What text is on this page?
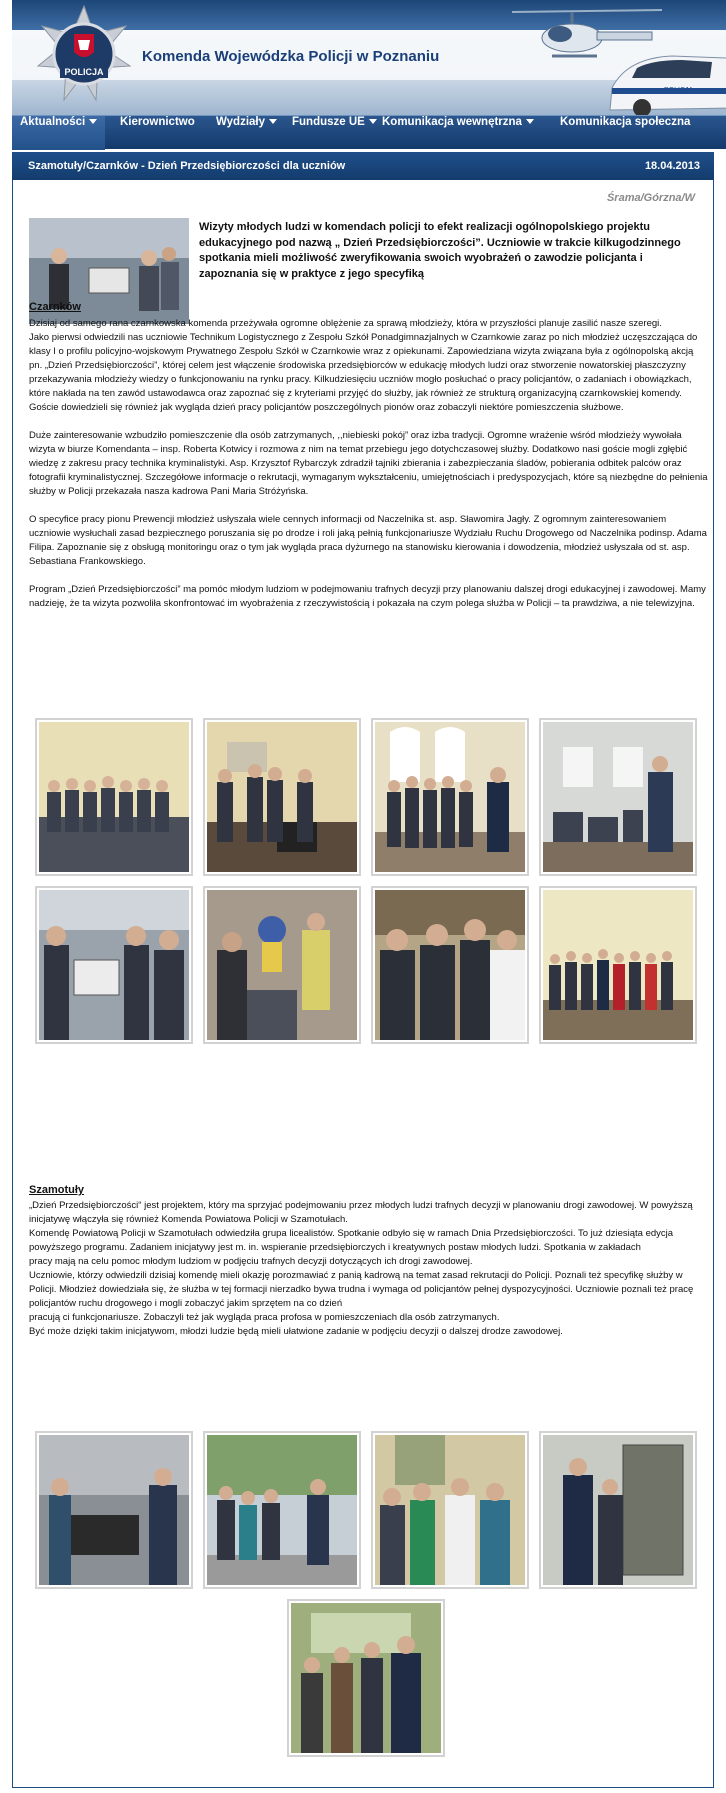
POLICJA
POLICJA
Komenda Wojewódzka Policji w Poznaniu
Aktualności	Kierownictwo	Wydziały	Fundusze UE	Komunikacja wewnętrzna	Komunikacja społeczna
Szamotuły/Czarnków - Dzień Przedsiębiorczości dla uczniów	18.04.2013
Śrama/Górzna/W
Wizyty młodych ludzi w komendach policji to efekt realizacji ogólnopolskiego projektu edukacyjnego pod nazwą „ Dzień Przedsiębiorczości”. Uczniowie w trakcie kilkugodzinnego spotkania mieli możliwość zweryfikowania swoich wyobrażeń o zawodzie policjanta i zapoznania się w praktyce z jego specyfiką
Czarnków

Dzisiaj od samego rana czarnkowska komenda przeżywała ogromne oblężenie za sprawą młodzieży, która w przyszłości planuje zasilić nasze szeregi.

Jako pierwsi odwiedzili nas uczniowie Technikum Logistycznego z Zespołu Szkół Ponadgimnazjalnych w Czarnkowie zaraz po nich młodzież uczęszczająca do klasy I o profilu policyjno-wojskowym Prywatnego Zespołu Szkół w Czarnkowie wraz z opiekunami. Zapowiedziana wizyta związana była z ogólnopolską akcją pn. „Dzień Przedsiębiorczości”, której celem jest włączenie środowiska przedsiębiorców w edukację młodych ludzi oraz stworzenie nowatorskiej płaszczyzny przekazywania młodzieży wiedzy o funkcjonowaniu na rynku pracy. Kilkudziesięciu uczniów mogło posłuchać o pracy policjantów, o zadaniach i obowiązkach, które nakłada na ten zawód ustawodawca oraz zapoznać się z kryteriami przyjęć do służby, jak również ze strukturą organizacyjną czarnkowskiej komendy. Goście dowiedzieli się również jak wygląda dzień pracy policjantów poszczególnych pionów oraz zobaczyli niektóre pomieszczenia służbowe.

Duże zainteresowanie wzbudziło pomieszczenie dla osób zatrzymanych, ,,niebieski pokój” oraz izba tradycji. Ogromne wrażenie wśród młodzieży wywołała wizyta w biurze Komendanta – insp. Roberta Kotwicy i rozmowa z nim na temat przebiegu jego dotychczasowej służby. Dodatkowo nasi goście mogli zgłębić wiedzę z zakresu pracy technika kryminalistyki. Asp. Krzysztof Rybarczyk zdradził tajniki zbierania i zabezpieczania śladów, pobierania odbitek palców oraz fotografii kryminalistycznej. Szczegółowe informacje o rekrutacji, wymaganym wykształceniu, umiejętnościach i predyspozycjach, które są niezbędne do pełnienia służby w Policji przekazała nasza kadrowa Pani Maria Stróżyńska.

O specyfice pracy pionu Prewencji młodzież usłyszała wiele cennych informacji od Naczelnika st. asp. Sławomira Jagły. Z ogromnym zainteresowaniem uczniowie wysłuchali zasad bezpiecznego poruszania się po drodze i roli jaką pełnią funkcjonariusze Wydziału Ruchu Drogowego od Naczelnika podinsp. Adama Filipa. Zapoznanie się z obsługą monitoringu oraz o tym jak wygląda praca dyżurnego na stanowisku kierowania i dowodzenia, młodzież usłyszała od st. asp. Sebastiana Frankowskiego.

Program „Dzień Przedsiębiorczości” ma pomóc młodym ludziom w podejmowaniu trafnych decyzji przy planowaniu dalszej drogi edukacyjnej i zawodowej. Mamy nadzieję, że ta wizyta pozwoliła skonfrontować im wyobrażenia z rzeczywistością i pokazała na czym polega służba w Policji – ta prawdziwa, a nie telewizyjna.

Szamotuły

„Dzień Przedsiębiorczości“ jest projektem, który ma sprzyjać podejmowaniu przez młodych ludzi trafnych decyzji w planowaniu drogi zawodowej. W powyższą inicjatywę włączyła się również Komenda Powiatowa Policji w Szamotułach.

Komendę Powiatową Policji w Szamotułach odwiedziła grupa licealistów. Spotkanie odbyło się w ramach Dnia Przedsiębiorczości. To już dziesiąta edycja powyższego programu. Zadaniem inicjatywy jest m. in. wspieranie przedsiębiorczych i kreatywnych postaw młodych ludzi. Spotkania w zakładach

pracy mają na celu pomoc młodym ludziom w podjęciu trafnych decyzji dotyczących ich drogi zawodowej.

Uczniowie, którzy odwiedzili dzisiaj komendę mieli okazję porozmawiać z panią kadrową na temat zasad rekrutacji do Policji. Poznali też specyfikę służby w Policji. Młodzież dowiedziała się, że służba w tej formacji nierzadko bywa trudna i wymaga od policjantów pełnej dyspozycyjności. Uczniowie poznali też pracę policjantów ruchu drogowego i mogli zobaczyć jakim sprzętem na co dzień

pracują ci funkcjonariusze. Zobaczyli też jak wygląda praca profosa w pomieszczeniach dla osób zatrzymanych.

Być może dzięki takim inicjatywom, młodzi ludzie będą mieli ułatwione zadanie w podjęciu decyzji o dalszej drodze zawodowej.
